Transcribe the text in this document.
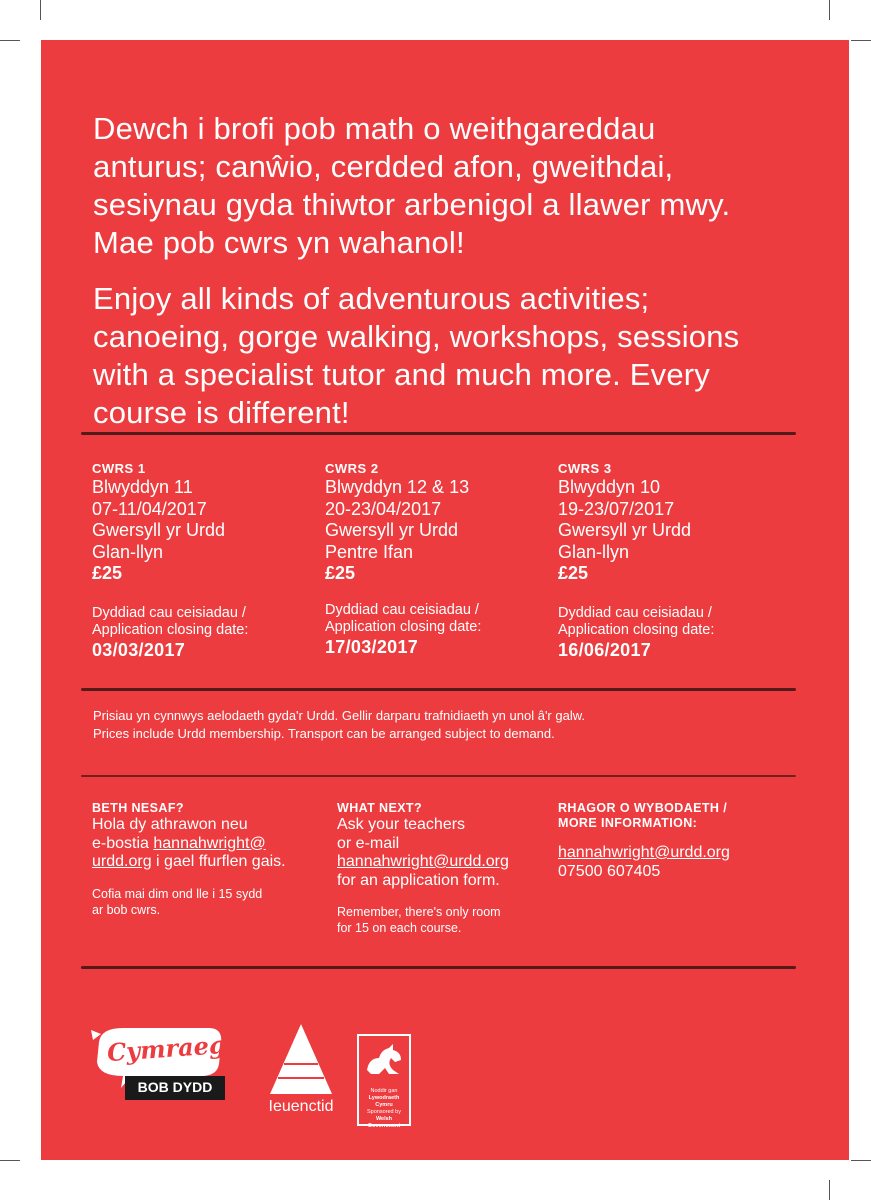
Dewch i brofi pob math o weithgareddau anturus; canŵio, cerdded afon, gweithdai, sesiynau gyda thiwtor arbenigol a llawer mwy. Mae pob cwrs yn wahanol!

Enjoy all kinds of adventurous activities; canoeing, gorge walking, workshops, sessions with a specialist tutor and much more. Every course is different!

CWRS 1
Blwyddyn 11
07-11/04/2017
Gwersyll yr Urdd
Glan-llyn
£25
Dyddiad cau ceisiadau /
Application closing date:
03/03/2017
CWRS 2
Blwyddyn 12 & 13
20-23/04/2017
Gwersyll yr Urdd
Pentre Ifan
£25
Dyddiad cau ceisiadau /
Application closing date:
17/03/2017
CWRS 3
Blwyddyn 10
19-23/07/2017
Gwersyll yr Urdd
Glan-llyn
£25
Dyddiad cau ceisiadau /
Application closing date:
16/06/2017
Prisiau yn cynnwys aelodaeth gyda'r Urdd. Gellir darparu trafnidiaeth yn unol â'r galw.
Prices include Urdd membership. Transport can be arranged subject to demand.
BETH NESAF?
Hola dy athrawon neu
e-bostia hannahwright@
urdd.org i gael ffurflen gais.
Cofia mai dim ond lle i 15 sydd
ar bob cwrs.
WHAT NEXT?
Ask your teachers
or e-mail
hannahwright@urdd.org
for an application form.
Remember, there's only room
for 15 on each course.
RHAGOR O WYBODAETH /
MORE INFORMATION:
hannahwright@urdd.org
07500 607405
Cymraeg
BOB DYDD
Ieuenctid
Noddir gan
Lywodraeth Cymru
Sponsored by
Welsh Government
